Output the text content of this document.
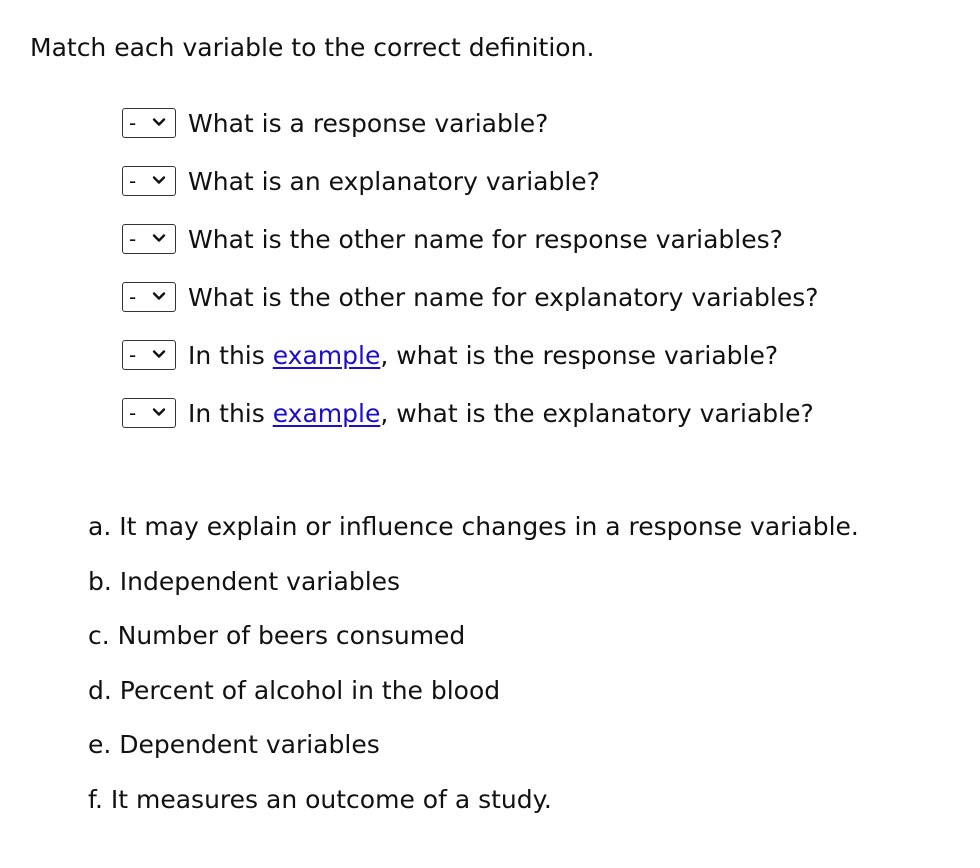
Match each variable to the correct definition.
- What is a response variable?
- What is an explanatory variable?
- What is the other name for response variables?
- What is the other name for explanatory variables?
- In this example, what is the response variable?
- In this example, what is the explanatory variable?
a. It may explain or influence changes in a response variable.
b. Independent variables
c. Number of beers consumed
d. Percent of alcohol in the blood
e. Dependent variables
f. It measures an outcome of a study.
